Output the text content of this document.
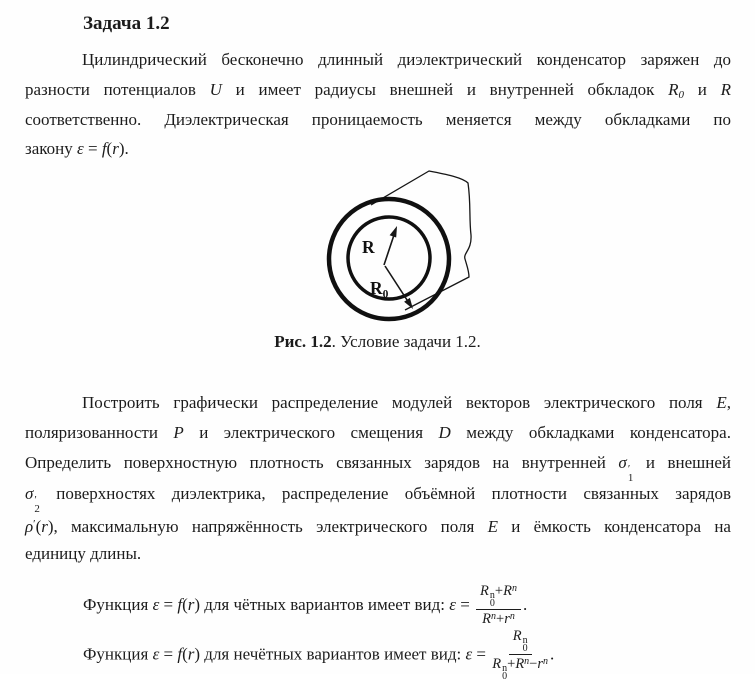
Задача 1.2
Цилиндрический бесконечно длинный диэлектрический конденсатор заряжен до
разности потенциалов U и имеет радиусы внешней и внутренней обкладок R0 и R
соответственно. Диэлектрическая проницаемость меняется между обкладками по
закону ε = f(r).
R
$R_0$
Рис. 1.2. Условие задачи 1.2.
Построить графически распределение модулей векторов электрического поля E,
поляризованности P и электрического смещения D между обкладками конденсатора.
Определить поверхностную плотность связанных зарядов на внутренней σ ′
1
и внешней
σ ′
2
поверхностях диэлектрика, распределение объёмной плотности связанных зарядов
ρ′(r), максимальную напряжённость электрического поля E и ёмкость конденсатора на
единицу длины.
Функция ε = f(r) для чётных вариантов имеет вид: ε = R n
0
$+R^n$
$R^n+r^n$ .
Функция ε = f(r) для нечётных вариантов имеет вид: ε = R n
0
R n
0
$+R^n-r^n$ .
